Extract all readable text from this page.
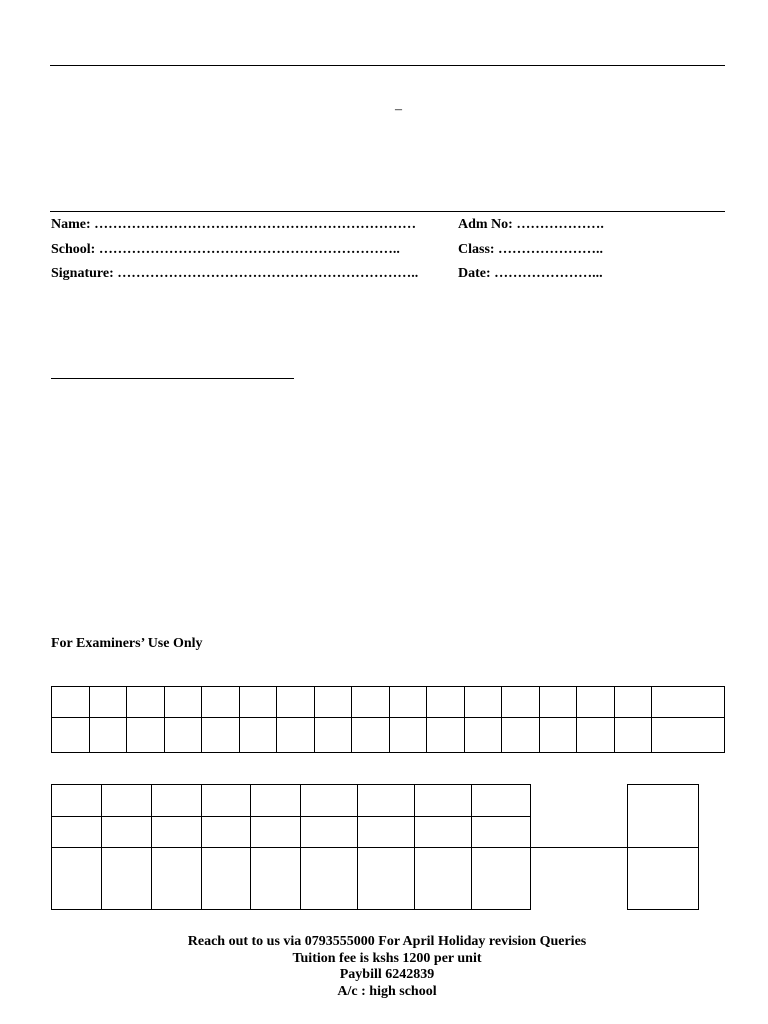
–
Name: ……………………………………………………………	Adm No: ……………….
School: ………………………………………………………..	Class: …………………..
Signature: ………………………………………………………..	Date: …………………...
For Examiners’ Use Only

Reach out to us via 0793555000 For April Holiday revision Queries
Tuition fee is kshs 1200 per unit
Paybill 6242839
A/c : high school
